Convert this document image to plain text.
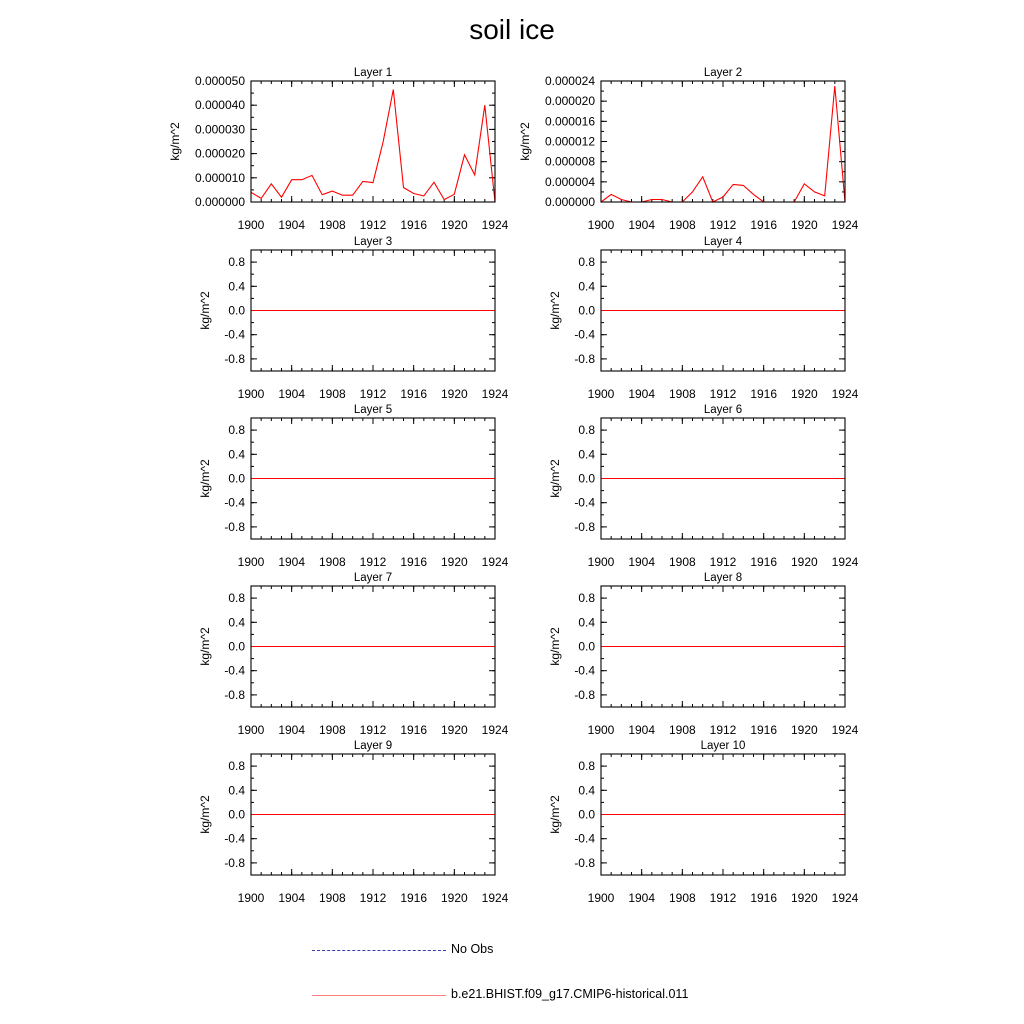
soil ice
Layer 1
1900 1904 1908 1912 1916 1920 1924
0.000000
0.000010
0.000020
0.000030
0.000040
0.000050
kg/m^2
Layer 2
1900 1904 1908 1912 1916 1920 1924
0.000000
0.000004
0.000008
0.000012
0.000016
0.000020
0.000024
kg/m^2
Layer 3
1900 1904 1908 1912 1916 1920 1924
0.8
0.4
0.0
-0.4
-0.8
kg/m^2
Layer 4
1900 1904 1908 1912 1916 1920 1924
0.8
0.4
0.0
-0.4
-0.8
kg/m^2
Layer 5
1900 1904 1908 1912 1916 1920 1924
0.8
0.4
0.0
-0.4
-0.8
kg/m^2
Layer 6
1900 1904 1908 1912 1916 1920 1924
0.8
0.4
0.0
-0.4
-0.8
kg/m^2
Layer 7
1900 1904 1908 1912 1916 1920 1924
0.8
0.4
0.0
-0.4
-0.8
kg/m^2
Layer 8
1900 1904 1908 1912 1916 1920 1924
0.8
0.4
0.0
-0.4
-0.8
kg/m^2
Layer 9
1900 1904 1908 1912 1916 1920 1924
0.8
0.4
0.0
-0.4
-0.8
kg/m^2
Layer 10
1900 1904 1908 1912 1916 1920 1924
0.8
0.4
0.0
-0.4
-0.8
kg/m^2
No Obs
b.e21.BHIST.f09_g17.CMIP6-historical.011
